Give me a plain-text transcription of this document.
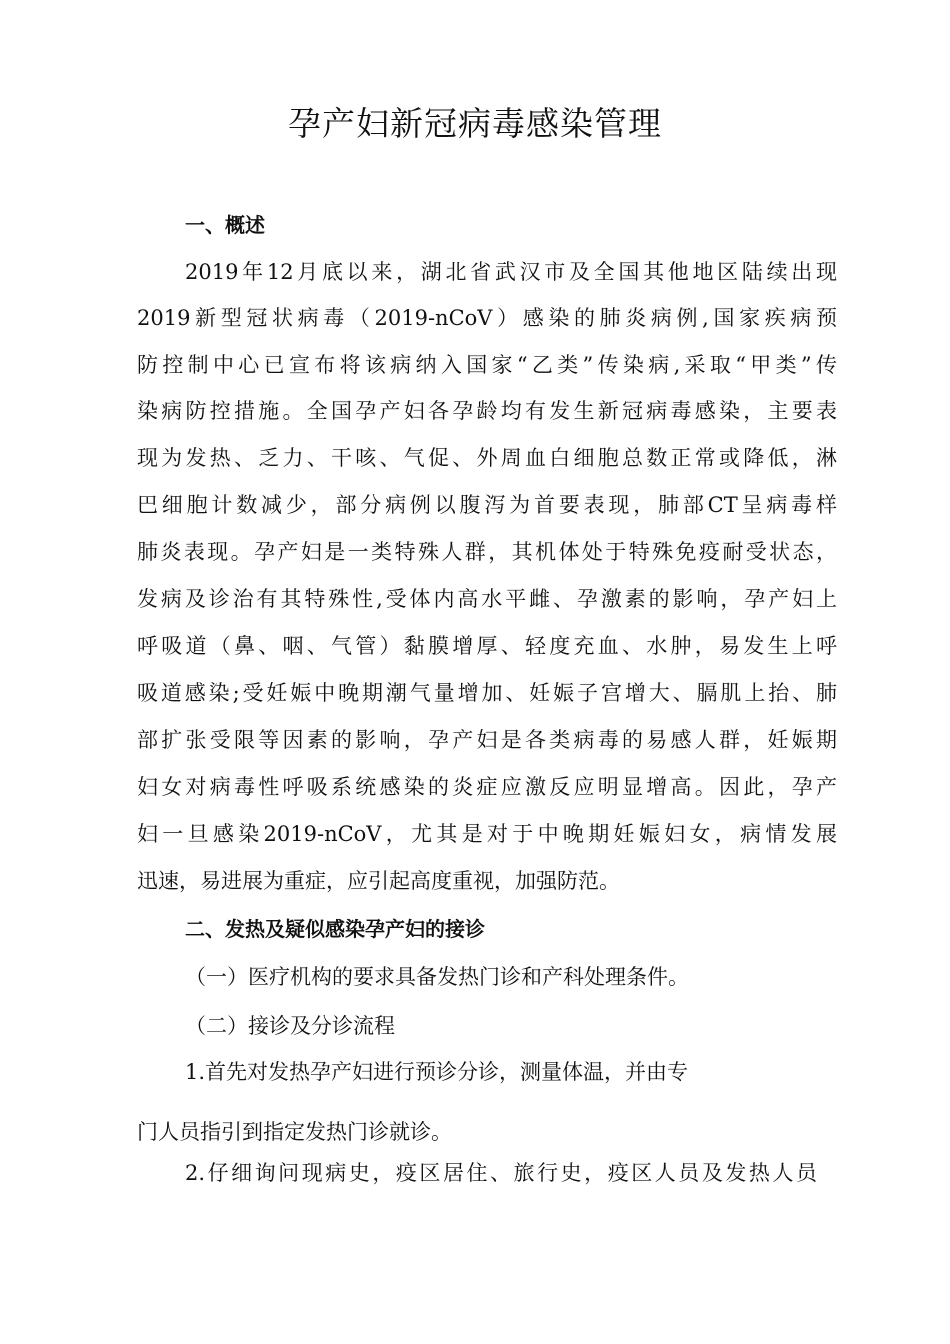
孕产妇新冠病毒感染管理

一、概述

2019年12月底以来，湖北省武汉市及全国其他地区陆续出现

2019新型冠状病毒（2019-nCoV）感染的肺炎病例,国家疾病预

防控制中心已宣布将该病纳入国家“乙类”传染病,采取“甲类”传

染病防控措施。全国孕产妇各孕龄均有发生新冠病毒感染，主要表

现为发热、乏力、干咳、气促、外周血白细胞总数正常或降低，淋

巴细胞计数减少，部分病例以腹泻为首要表现，肺部CT呈病毒样

肺炎表现。孕产妇是一类特殊人群，其机体处于特殊免疫耐受状态，

发病及诊治有其特殊性,受体内高水平雌、孕激素的影响，孕产妇上

呼吸道（鼻、咽、气管）黏膜增厚、轻度充血、水肿，易发生上呼

吸道感染;受妊娠中晚期潮气量增加、妊娠子宫增大、膈肌上抬、肺

部扩张受限等因素的影响，孕产妇是各类病毒的易感人群，妊娠期

妇女对病毒性呼吸系统感染的炎症应激反应明显增高。因此，孕产

妇一旦感染2019-nCoV，尤其是对于中晚期妊娠妇女，病情发展

迅速，易进展为重症，应引起高度重视，加强防范。

二、发热及疑似感染孕产妇的接诊

（一）医疗机构的要求具备发热门诊和产科处理条件。

（二）接诊及分诊流程

1.首先对发热孕产妇进行预诊分诊，测量体温，并由专

门人员指引到指定发热门诊就诊。

2.仔细询问现病史，疫区居住、旅行史，疫区人员及发热人员
